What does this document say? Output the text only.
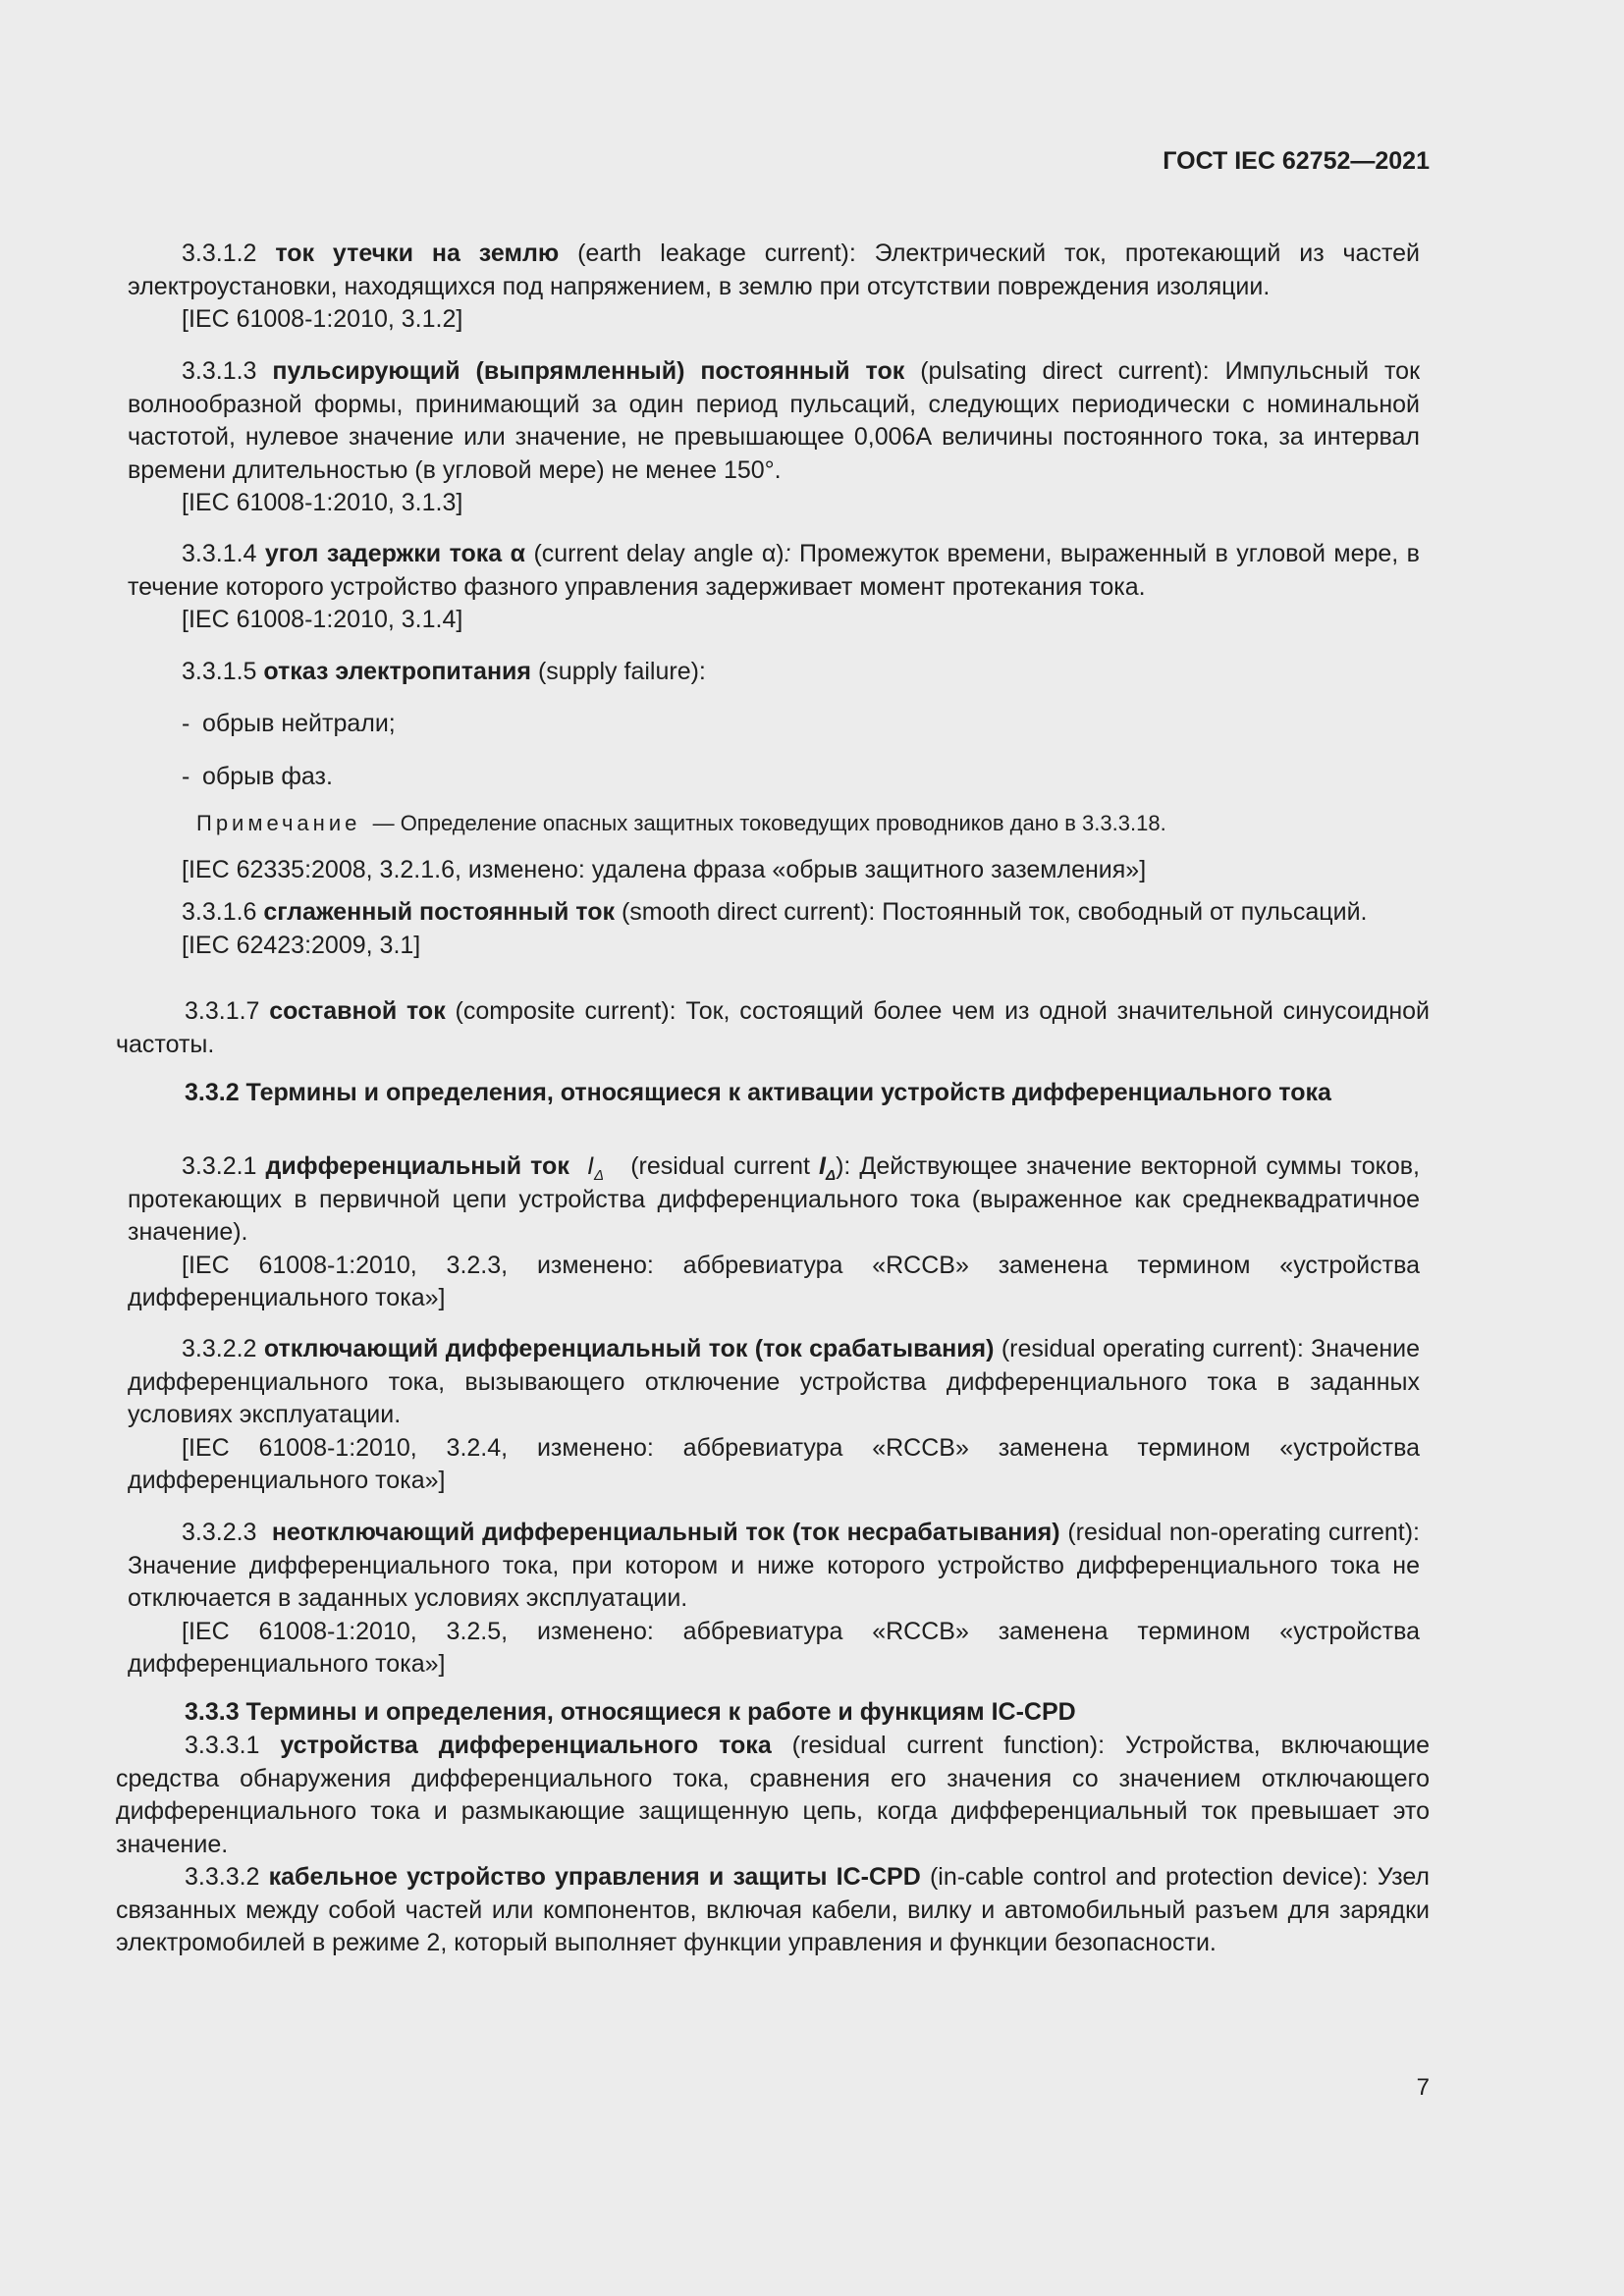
ГОСТ IEC 62752—2021

3.3.1.2 ток утечки на землю (earth leakage current): Электрический ток, протекающий из частей электроустановки, находящихся под напряжением, в землю при отсутствии повреждения изоляции.

[IEC 61008-1:2010, 3.1.2]

3.3.1.3 пульсирующий (выпрямленный) постоянный ток (pulsating direct current): Импульсный ток волнообразной формы, принимающий за один период пульсаций, следующих периодически с номинальной частотой, нулевое значение или значение, не превышающее 0,006А величины постоянного тока, за интервал времени длительностью (в угловой мере) не менее 150°.

[IEC 61008-1:2010, 3.1.3]

3.3.1.4 угол задержки тока α (current delay angle α): Промежуток времени, выраженный в угловой мере, в течение которого устройство фазного управления задерживает момент протекания тока.

[IEC 61008-1:2010, 3.1.4]

3.3.1.5 отказ электропитания (supply failure):

- обрыв нейтрали;

- обрыв фаз.

Примечание — Определение опасных защитных токоведущих проводников дано в 3.3.3.18.

[IEC 62335:2008, 3.2.1.6, изменено: удалена фраза «обрыв защитного заземления»]

3.3.1.6 сглаженный постоянный ток (smooth direct current): Постоянный ток, свободный от пульсаций.

[IEC 62423:2009, 3.1]

3.3.1.7 составной ток (composite current): Ток, состоящий более чем из одной значительной синусоидной частоты.

3.3.2 Термины и определения, относящиеся к активации устройств дифференциального тока

3.3.2.1 дифференциальный ток $I_\Delta$ (residual current $I_\Delta$): Действующее значение векторной суммы токов, протекающих в первичной цепи устройства дифференциального тока (выраженное как среднеквадратичное значение).

[IEC 61008-1:2010, 3.2.3, изменено: аббревиатура «RCCB» заменена термином «устройства дифференциального тока»]

3.3.2.2 отключающий дифференциальный ток (ток срабатывания) (residual operating current): Значение дифференциального тока, вызывающего отключение устройства дифференциального тока в заданных условиях эксплуатации.

[IEC 61008-1:2010, 3.2.4, изменено: аббревиатура «RCCB» заменена термином «устройства дифференциального тока»]

3.3.2.3 неотключающий дифференциальный ток (ток несрабатывания) (residual non-operating current): Значение дифференциального тока, при котором и ниже которого устройство дифференциального тока не отключается в заданных условиях эксплуатации.

[IEC 61008-1:2010, 3.2.5, изменено: аббревиатура «RCCB» заменена термином «устройства дифференциального тока»]

3.3.3 Термины и определения, относящиеся к работе и функциям IC-CPD

3.3.3.1 устройства дифференциального тока (residual current function): Устройства, включающие средства обнаружения дифференциального тока, сравнения его значения со значением отключающего дифференциального тока и размыкающие защищенную цепь, когда дифференциальный ток превышает это значение.

3.3.3.2 кабельное устройство управления и защиты IC-CPD (in-cable control and protection device): Узел связанных между собой частей или компонентов, включая кабели, вилку и автомобильный разъем для зарядки электромобилей в режиме 2, который выполняет функции управления и функции безопасности.

7
